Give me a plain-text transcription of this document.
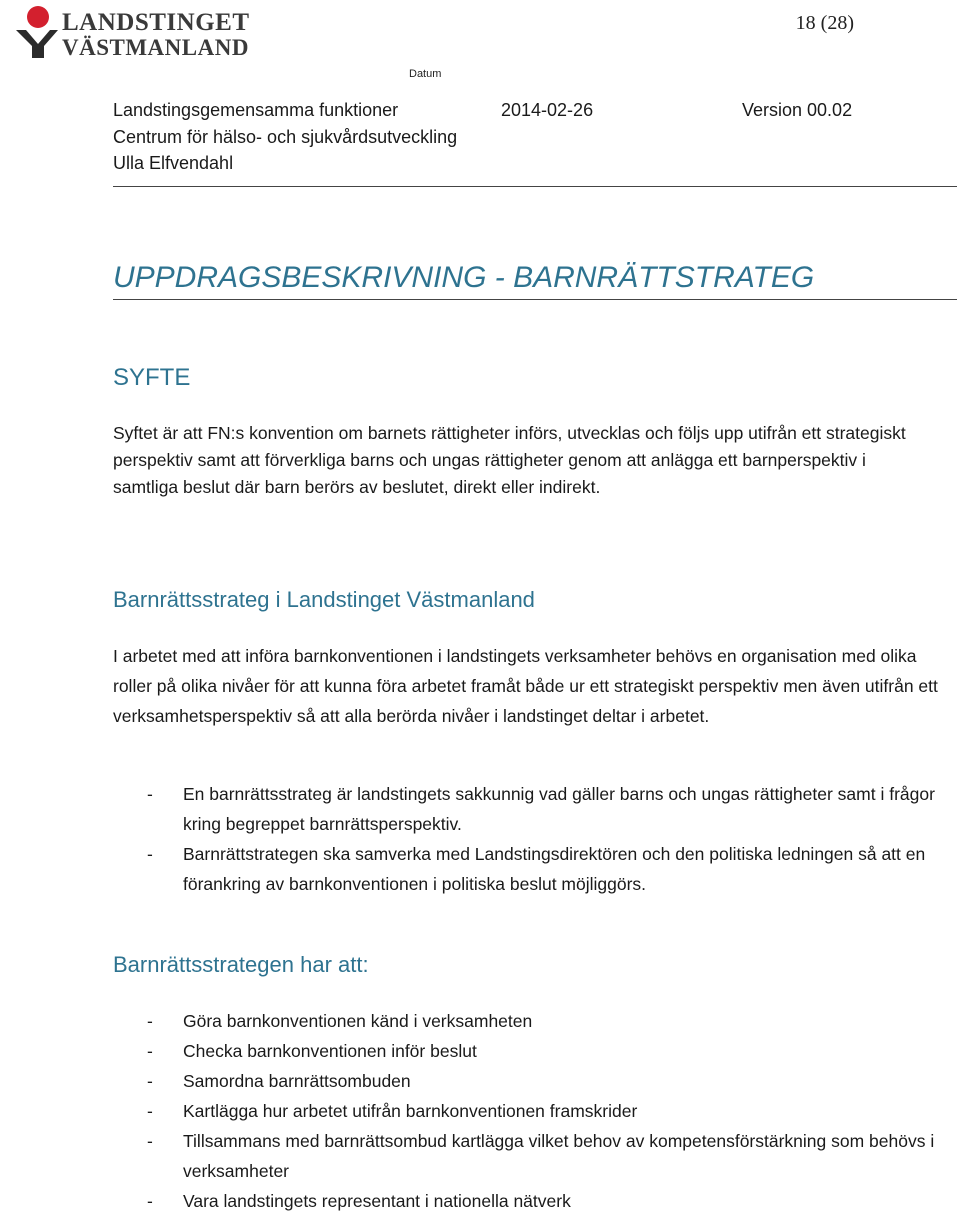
LANDSTINGET
VÄSTMANLAND
18 (28)
Datum
Landstingsgemensamma funktioner	2014-02-26	Version 00.02
Centrum för hälso- och sjukvårdsutveckling
Ulla Elfvendahl
UPPDRAGSBESKRIVNING - BARNRÄTTSTRATEG
SYFTE
Syftet är att FN:s konvention om barnets rättigheter införs, utvecklas och följs upp utifrån ett strategiskt perspektiv samt att förverkliga barns och ungas rättigheter genom att anlägga ett barnperspektiv i samtliga beslut där barn berörs av beslutet, direkt eller indirekt.
Barnrättsstrateg i Landstinget Västmanland
I arbetet med att införa barnkonventionen i landstingets verksamheter behövs en organisation med olika roller på olika nivåer för att kunna föra arbetet framåt både ur ett strategiskt perspektiv men även utifrån ett verksamhetsperspektiv så att alla berörda nivåer i landstinget deltar i arbetet.
- En barnrättsstrateg är landstingets sakkunnig vad gäller barns och ungas rättigheter samt i frågor kring begreppet barnrättsperspektiv.
- Barnrättstrategen ska samverka med Landstingsdirektören och den politiska ledningen så att en förankring av barnkonventionen i politiska beslut möjliggörs.
Barnrättsstrategen har att:
- Göra barnkonventionen känd i verksamheten
- Checka barnkonventionen inför beslut
- Samordna barnrättsombuden
- Kartlägga hur arbetet utifrån barnkonventionen framskrider
- Tillsammans med barnrättsombud kartlägga vilket behov av kompetensförstärkning som behövs i verksamheter
- Vara landstingets representant i nationella nätverk
